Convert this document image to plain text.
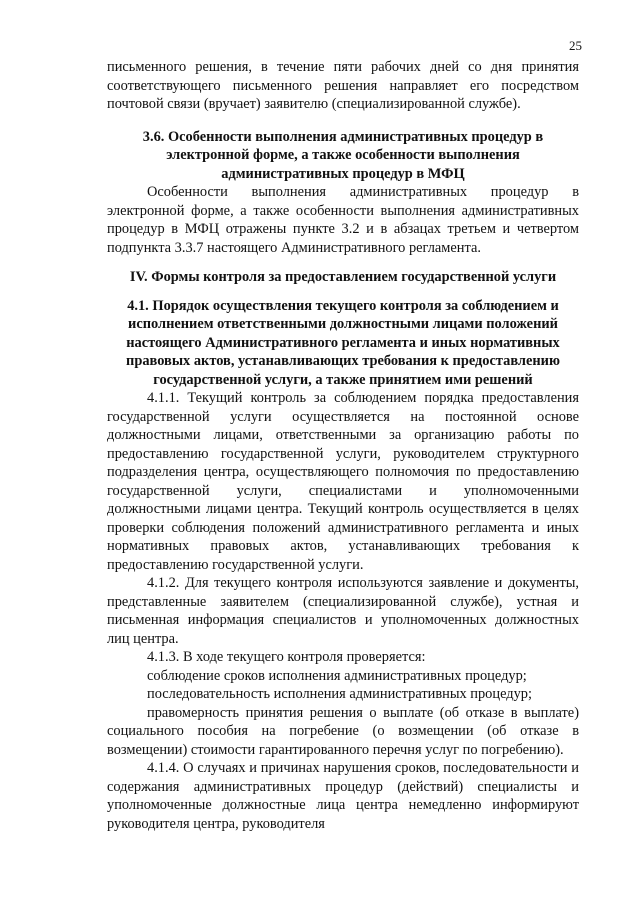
25

письменного решения, в течение пяти рабочих дней со дня принятия соответствующего письменного решения направляет его посредством почтовой связи (вручает) заявителю (специализированной службе).

3.6. Особенности выполнения административных процедур в электронной форме, а также особенности выполнения административных процедур в МФЦ

Особенности выполнения административных процедур в электронной форме, а также особенности выполнения административных процедур в МФЦ отражены пункте 3.2 и в абзацах третьем и четвертом подпункта 3.3.7 настоящего Административного регламента.

IV. Формы контроля за предоставлением государственной услуги
4.1. Порядок осуществления текущего контроля за соблюдением и исполнением ответственными должностными лицами положений настоящего Административного регламента и иных нормативных правовых актов, устанавливающих требования к предоставлению государственной услуги, а также принятием ими решений

4.1.1. Текущий контроль за соблюдением порядка предоставления государственной услуги осуществляется на постоянной основе должностными лицами, ответственными за организацию работы по предоставлению государственной услуги, руководителем структурного подразделения центра, осуществляющего полномочия по предоставлению государственной услуги, специалистами и уполномоченными должностными лицами центра. Текущий контроль осуществляется в целях проверки соблюдения положений административного регламента и иных нормативных правовых актов, устанавливающих требования к предоставлению государственной услуги.

4.1.2. Для текущего контроля используются заявление и документы, представленные заявителем (специализированной службе), устная и письменная информация специалистов и уполномоченных должностных лиц центра.

4.1.3. В ходе текущего контроля проверяется:

соблюдение сроков исполнения административных процедур;

последовательность исполнения административных процедур;

правомерность принятия решения о выплате (об отказе в выплате) социального пособия на погребение (о возмещении (об отказе в возмещении) стоимости гарантированного перечня услуг по погребению).

4.1.4. О случаях и причинах нарушения сроков, последовательности и содержания административных процедур (действий) специалисты и уполномоченные должностные лица центра немедленно информируют руководителя центра, руководителя
